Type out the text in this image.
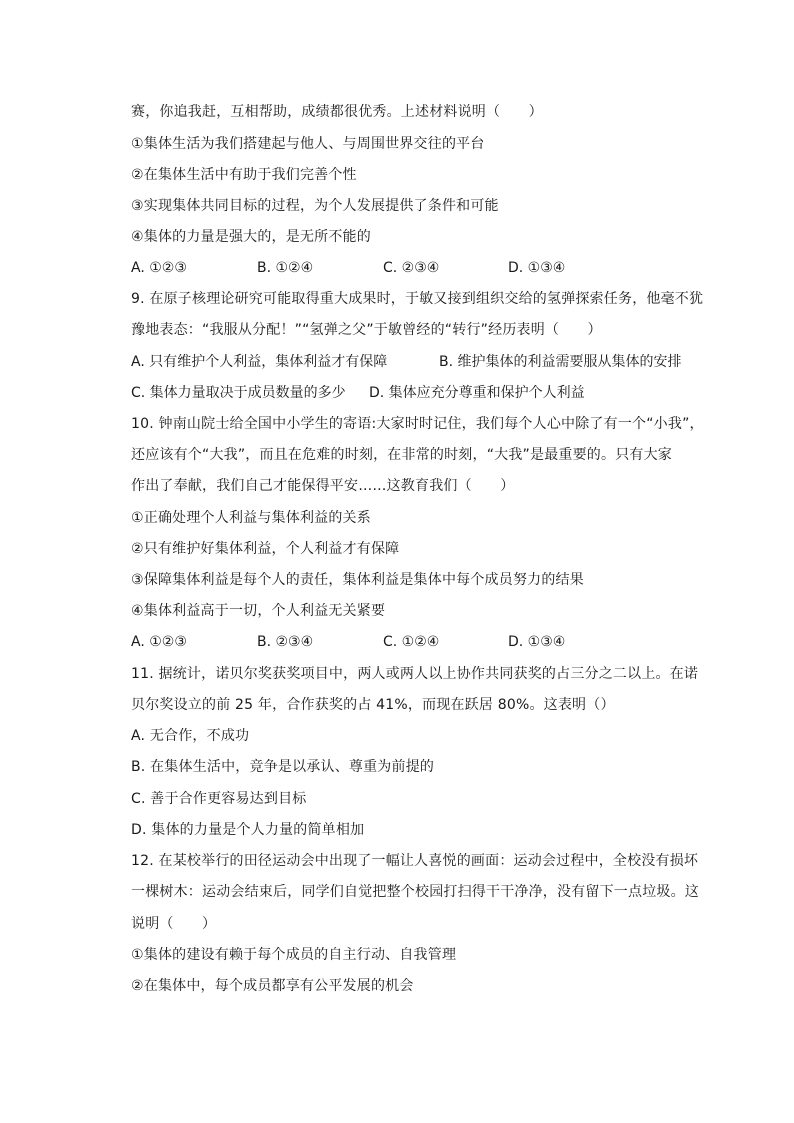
赛，你追我赶，互相帮助，成绩都很优秀。上述材料说明（　　）
①集体生活为我们搭建起与他人、与周围世界交往的平台
②在集体生活中有助于我们完善个性
③实现集体共同目标的过程，为个人发展提供了条件和可能
④集体的力量是强大的，是无所不能的
A. ①②③	B. ①②④	C. ②③④	D. ①③④
9. 在原子核理论研究可能取得重大成果时，于敏又接到组织交给的氢弹探索任务，他毫不犹
豫地表态：“我服从分配！”“氢弹之父”于敏曾经的“转行”经历表明（　　）
A. 只有维护个人利益，集体利益才有保障	B. 维护集体的利益需要服从集体的安排
C. 集体力量取决于成员数量的多少 D. 集体应充分尊重和保护个人利益
10. 钟南山院士给全国中小学生的寄语:大家时时记住，我们每个人心中除了有一个“小我”，
还应该有个“大我”，而且在危难的时刻，在非常的时刻，“大我”是最重要的。只有大家
作出了奉献，我们自己才能保得平安……这教育我们（　　）
①正确处理个人利益与集体利益的关系
②只有维护好集体利益，个人利益才有保障
③保障集体利益是每个人的责任，集体利益是集体中每个成员努力的结果
④集体利益高于一切，个人利益无关紧要
A. ①②③	B. ②③④	C. ①②④	D. ①③④
11. 据统计，诺贝尔奖获奖项目中，两人或两人以上协作共同获奖的占三分之二以上。在诺
贝尔奖设立的前 25 年，合作获奖的占 41%，而现在跃居 80%。这表明（）
A. 无合作，不成功
B. 在集体生活中，竞争是以承认、尊重为前提的
C. 善于合作更容易达到目标
D. 集体的力量是个人力量的简单相加
12. 在某校举行的田径运动会中出现了一幅让人喜悦的画面：运动会过程中，全校没有损坏
一棵树木：运动会结束后，同学们自觉把整个校园打扫得干干净净，没有留下一点垃圾。这
说明（　　）
①集体的建设有赖于每个成员的自主行动、自我管理
②在集体中，每个成员都享有公平发展的机会
